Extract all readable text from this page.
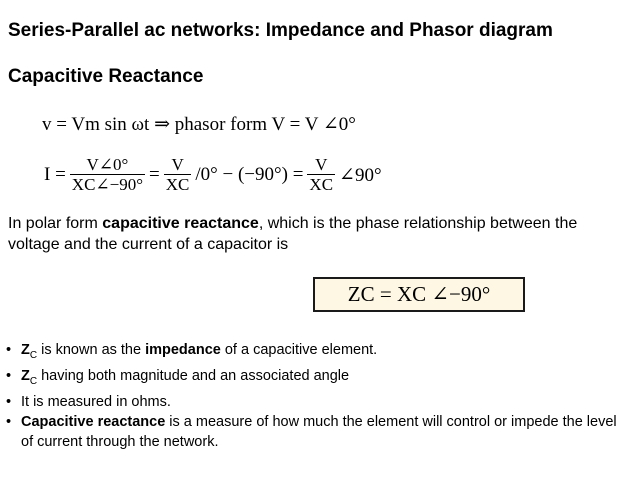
Series-Parallel ac networks: Impedance and Phasor diagram
Capacitive Reactance
v = Vm sin ωt ⇒ phasor form V = V ∠0°
$I = \frac{V\angle 0^\circ}{XC\angle-90^\circ} = \frac{V}{XC} /0^\circ - (-90^\circ) = \frac{V}{XC}$ ∠90°
In polar form capacitive reactance, which is the phase relationship between the voltage and the current of a capacitor is
ZC = XC ∠−90°
• $Z_C$ is known as the impedance of a capacitive element.
• $Z_C$ having both magnitude and an associated angle
• It is measured in ohms.
• Capacitive reactance is a measure of how much the element will control or impede the level of current through the network.
